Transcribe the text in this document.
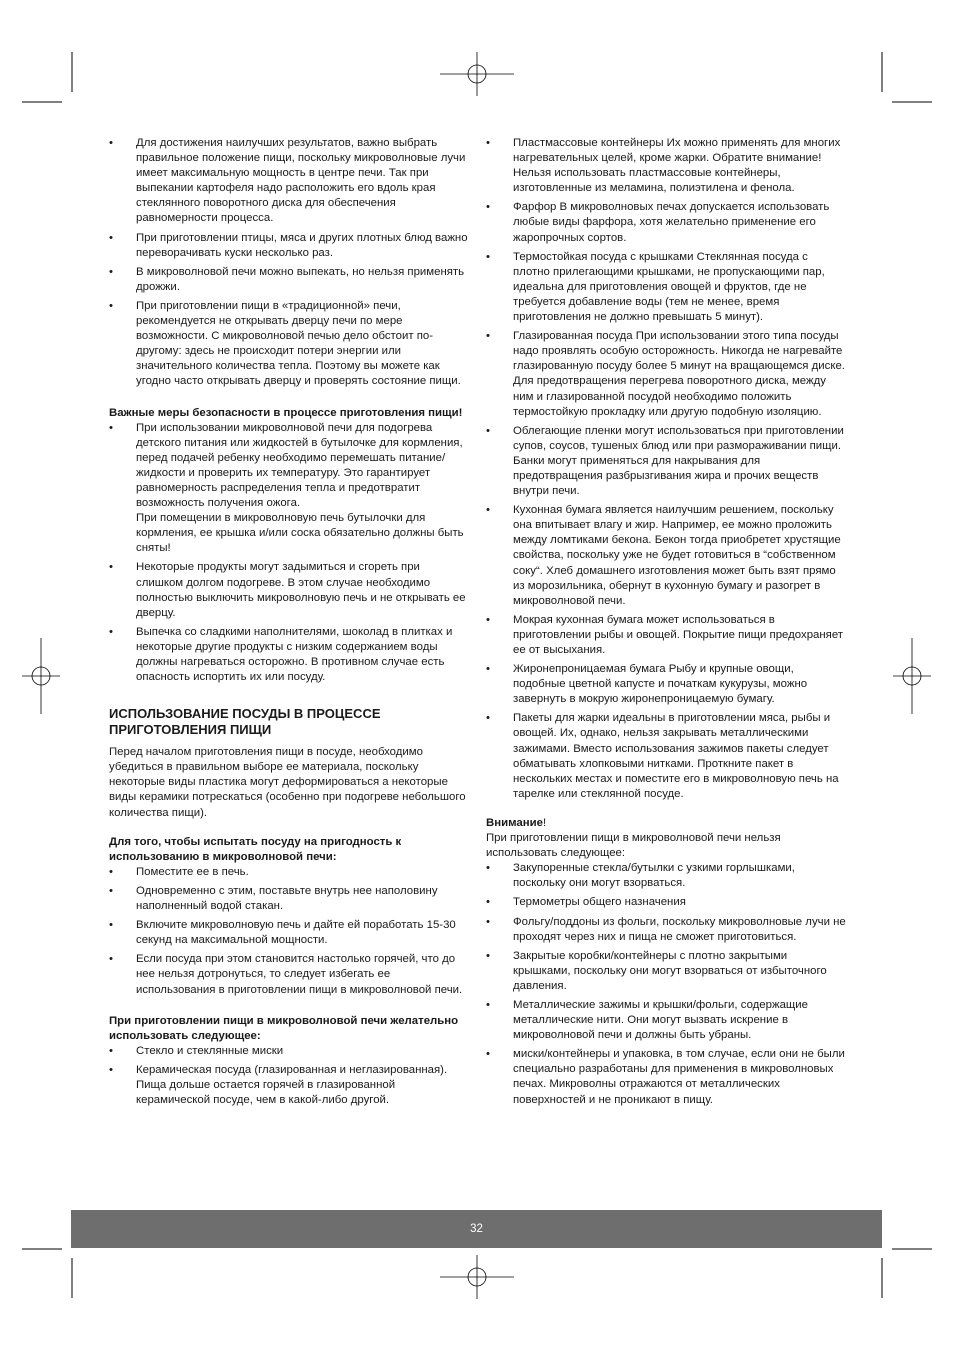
• Для достижения наилучших результатов, важно выбрать правильное положение пищи, поскольку микроволновые лучи имеет максимальную мощность в центре печи. Так при выпекании картофеля надо расположить его вдоль края стеклянного поворотного диска для обеспечения равномерности процесса.
• При приготовлении птицы, мяса и других плотных блюд важно переворачивать куски несколько раз.
• В микроволновой печи можно выпекать, но нельзя применять дрожжи.
• При приготовлении пищи в «традиционной» печи, рекомендуется не открывать дверцу печи по мере возможности. С микроволновой печью дело обстоит по-другому: здесь не происходит потери энергии или значительного количества тепла. Поэтому вы можете как угодно часто открывать дверцу и проверять состояние пищи.
Важные меры безопасности в процессе приготовления пищи!
• При использовании микроволновой печи для подогрева детского питания или жидкостей в бутылочке для кормления, перед подачей ребенку необходимо перемешать питание/жидкости и проверить их температуру. Это гарантирует равномерность распределения тепла и предотвратит возможность получения ожога.
При помещении в микроволновую печь бутылочки для кормления, ее крышка и/или соска обязательно должны быть сняты!
• Некоторые продукты могут задымиться и сгореть при слишком долгом подогреве. В этом случае необходимо полностью выключить микроволновую печь и не открывать ее дверцу.
• Выпечка со сладкими наполнителями, шоколад в плитках и некоторые другие продукты с низким содержанием воды должны нагреваться осторожно. В противном случае есть опасность испортить их или посуду.
ИСПОЛЬЗОВАНИЕ ПОСУДЫ В ПРОЦЕССЕ
ПРИГОТОВЛЕНИЯ ПИЩИ

Перед началом приготовления пищи в посуде, необходимо убедиться в правильном выборе ее материала, поскольку некоторые виды пластика могут деформироваться а некоторые виды керамики потрескаться (особенно при подогреве небольшого количества пищи).

Для того, чтобы испытать посуду на пригодность к использованию в микроволновой печи:
• Поместите ее в печь.
• Одновременно с этим, поставьте внутрь нее наполовину наполненный водой стакан.
• Включите микроволновую печь и дайте ей поработать 15-30 секунд на максимальной мощности.
• Если посуда при этом становится настолько горячей, что до нее нельзя дотронуться, то следует избегать ее использования в приготовлении пищи в микроволновой печи.
При приготовлении пищи в микроволновой печи желательно использовать следующее:
• Стекло и стеклянные миски
• Керамическая посуда (глазированная и неглазированная). Пища дольше остается горячей в глазированной керамической посуде, чем в какой-либо другой.
• Пластмассовые контейнеры Их можно применять для многих нагревательных целей, кроме жарки. Обратите внимание! Нельзя использовать пластмассовые контейнеры, изготовленные из меламина, полиэтилена и фенола.
• Фарфор В микроволновых печах допускается использовать любые виды фарфора, хотя желательно применение его жаропрочных сортов.
• Термостойкая посуда с крышками Стеклянная посуда с плотно прилегающими крышками, не пропускающими пар, идеальна для приготовления овощей и фруктов, где не требуется добавление воды (тем не менее, время приготовления не должно превышать 5 минут).
• Глазированная посуда При использовании этого типа посуды надо проявлять особую осторожность. Никогда не нагревайте глазированную посуду более 5 минут на вращающемся диске. Для предотвращения перегрева поворотного диска, между ним и глазированной посудой необходимо положить термостойкую прокладку или другую подобную изоляцию.
• Облегающие пленки могут использоваться при приготовлении супов, соусов, тушеных блюд или при размораживании пищи. Банки могут применяться для накрывания для предотвращения разбрызгивания жира и прочих веществ внутри печи.
• Кухонная бумага является наилучшим решением, поскольку она впитывает влагу и жир. Например, ее можно проложить между ломтиками бекона. Бекон тогда приобретет хрустящие свойства, поскольку уже не будет готовиться в “собственном соку“. Хлеб домашнего изготовления может быть взят прямо из морозильника, обернут в кухонную бумагу и разогрет в микроволновой печи.
• Мокрая кухонная бумага может использоваться в приготовлении рыбы и овощей. Покрытие пищи предохраняет ее от высыхания.
• Жиронепроницаемая бумага Рыбу и крупные овощи, подобные цветной капусте и початкам кукурузы, можно завернуть в мокрую жиронепроницаемую бумагу.
• Пакеты для жарки идеальны в приготовлении мяса, рыбы и овощей. Их, однако, нельзя закрывать металлическими зажимами. Вместо использования зажимов пакеты следует обматывать хлопковыми нитками. Проткните пакет в нескольких местах и поместите его в микроволновую печь на тарелке или стеклянной посуде.
Внимание!
При приготовлении пищи в микроволновой печи нельзя использовать следующее:
• Закупоренные стекла/бутылки с узкими горлышками, поскольку они могут взорваться.
• Термометры общего назначения
• Фольгу/поддоны из фольги, поскольку микроволновые лучи не проходят через них и пища не сможет приготовиться.
• Закрытые коробки/контейнеры с плотно закрытыми крышками, поскольку они могут взорваться от избыточного давления.
• Металлические зажимы и крышки/фольги, содержащие металлические нити. Они могут вызвать искрение в микроволновой печи и должны быть убраны.
• миски/контейнеры и упаковка, в том случае, если они не были специально разработаны для применения в микроволновых печах. Микроволны отражаются от металлических поверхностей и не проникают в пищу.
32
